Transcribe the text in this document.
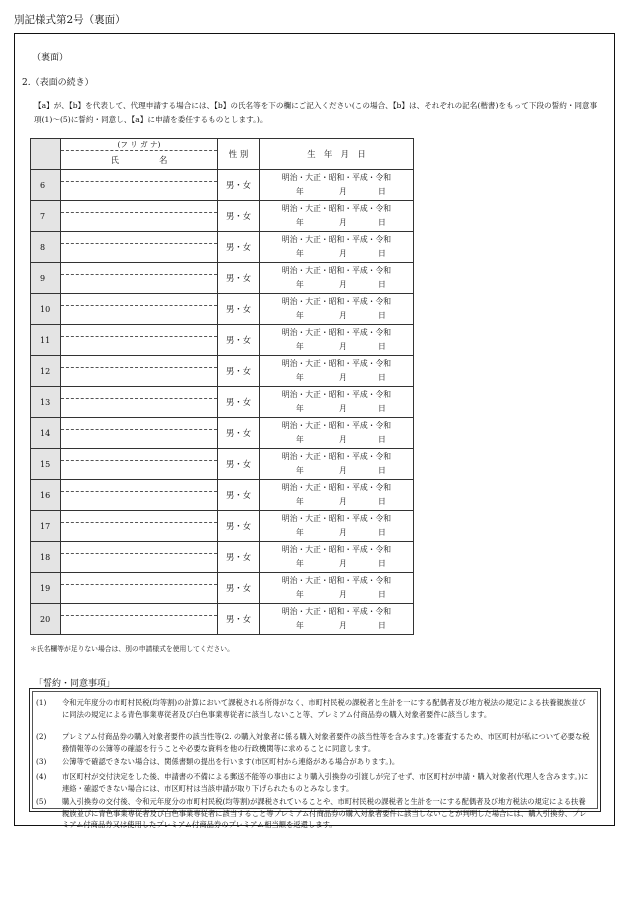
別記様式第2号（裏面）
（裏面）
2.（表面の続き）
【a】が、【b】を代表して、代理申請する場合には、【b】の氏名等を下の欄にご記入ください(この場合、【b】は、それぞれの記名(楷書)をもって下段の誓約・同意事項(1)～(5)に誓約・同意し、【a】に申請を委任するものとします。)。

	(フ リ ガ ナ)
氏名	性 別	生　年　月　日
6		男・女	明治・大正・昭和・平成・令和
年 月 日

7		男・女	明治・大正・昭和・平成・令和
年 月 日

8		男・女	明治・大正・昭和・平成・令和
年 月 日

9		男・女	明治・大正・昭和・平成・令和
年 月 日

10		男・女	明治・大正・昭和・平成・令和
年 月 日

11		男・女	明治・大正・昭和・平成・令和
年 月 日

12		男・女	明治・大正・昭和・平成・令和
年 月 日

13		男・女	明治・大正・昭和・平成・令和
年 月 日

14		男・女	明治・大正・昭和・平成・令和
年 月 日

15		男・女	明治・大正・昭和・平成・令和
年 月 日

16		男・女	明治・大正・昭和・平成・令和
年 月 日

17		男・女	明治・大正・昭和・平成・令和
年 月 日

18		男・女	明治・大正・昭和・平成・令和
年 月 日

19		男・女	明治・大正・昭和・平成・令和
年 月 日

20		男・女	明治・大正・昭和・平成・令和
年 月 日
＊氏名欄等が足りない場合は、別の申請様式を使用してください。
「誓約・同意事項」
(1) 令和元年度分の市町村民税(均等割)の計算において課税される所得がなく、市町村民税の課税者と生計を一にする配偶者及び地方税法の規定による扶養親族並びに同法の規定による青色事業専従者及び白色事業専従者に該当しないこと等、プレミアム付商品券の購入対象者要件に該当します。
(2) プレミアム付商品券の購入対象者要件の該当性等(2. の購入対象者に係る購入対象者要件の該当性等を含みます。)を審査するため、市区町村が私について必要な税務情報等の公簿等の確認を行うことや必要な資料を他の行政機関等に求めることに同意します。
(3) 公簿等で確認できない場合は、関係書類の提出を行います(市区町村から連絡がある場合があります。)。
(4) 市区町村が交付決定をした後、申請書の不備による郵送不能等の事由により購入引換券の引渡しが完了せず、市区町村が申請・購入対象者(代理人を含みます。)に連絡・確認できない場合には、市区町村は当該申請が取り下げられたものとみなします。
(5) 購入引換券の交付後、令和元年度分の市町村民税(均等割)が課税されていることや、市町村民税の課税者と生計を一にする配偶者及び地方税法の規定による扶養親族並びに青色事業専従者及び白色事業専従者に該当すること等プレミアム付商品券の購入対象者要件に該当しないことが判明した場合には、購入引換券、プレミアム付商品券又は使用したプレミアム付商品券のプレミアム相当額を返還します。
